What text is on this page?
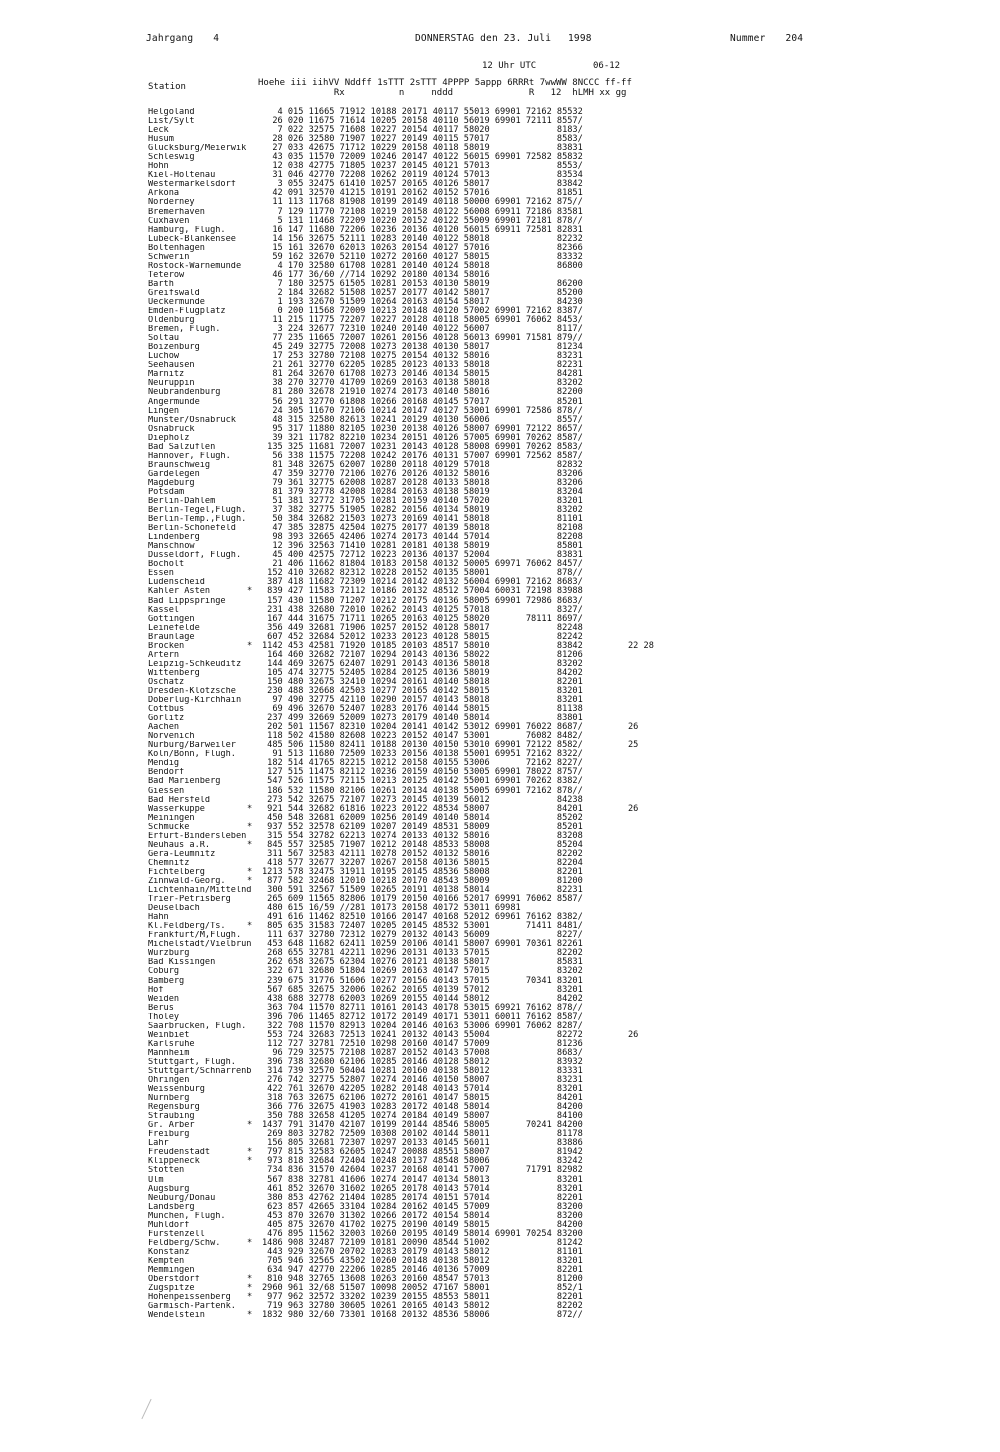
Jahrgang 4	DONNERSTAG den 23. Juli 1998	Nummer 204
12 Uhr UTC	06-12
Station	Hoehe iii iihVV Nddff 1sTTT 2sTTT 4PPPP 5appp 6RRRt 7wwWW 8NCCC ff-ff
Rx          n     nddd              R   12  hLMH xx gg
Helgoland	4 015 11665 71912 10188 20171 40117 55013 69901 72162 85532
List/Sylt	26 020 11675 71614 10205 20158 40110 56019 69901 72111 8557/
Leck	7 022 32575 71608 10227 20154 40117 58020             8183/
Husum	28 026 32580 71907 10227 20149 40115 57017             8583/
Glücksburg/Meierwik	27 033 42675 71712 10229 20158 40118 58019             83831
Schleswig	43 035 11570 72009 10246 20147 40122 56015 69901 72582 85832
Hohn	12 038 42775 71805 10237 20145 40121 57013             8553/
Kiel-Holtenau	31 046 42770 72208 10262 20119 40124 57013             83534
Westermarkelsdorf	3 055 32475 61410 10257 20165 40126 58017             83842
Arkona	42 091 32570 41215 10191 20162 40152 57016             81851
Norderney	11 113 11768 81908 10199 20149 40118 50000 69901 72162 875//
Bremerhaven	7 129 11770 72108 10219 20158 40122 56008 69911 72186 83581
Cuxhaven	5 131 11468 72209 10220 20152 40122 55009 69901 72181 878//
Hamburg, Flugh.	16 147 11680 72206 10236 20136 40120 56015 69911 72581 82831
Lübeck-Blankensee	14 156 32675 52111 10283 20140 40122 58018             82232
Boltenhagen	15 161 32670 62013 10263 20154 40127 57016             82366
Schwerin	59 162 32670 52110 10272 20160 40127 58015             83332
Rostock-Warnemünde	4 170 32580 61708 10281 20140 40124 58018             86800
Teterow	46 177 36/60 //714 10292 20180 40134 58016
Barth	7 180 32575 61505 10281 20153 40130 58019             86200
Greifswald	2 184 32682 51508 10257 20177 40142 58017             85200
Ueckermünde	1 193 32670 51509 10264 20163 40154 58017             84230
Emden-Flugplatz	0 200 11568 72009 10213 20148 40120 57002 69901 72162 8387/
Oldenburg	11 215 11775 72207 10227 20128 40118 58005 69901 76062 8453/
Bremen, Flugh.	3 224 32677 72310 10240 20140 40122 56007             8117/
Soltau	77 235 11665 72007 10261 20156 40128 56013 69901 71581 879//
Boizenburg	45 249 32775 72008 10273 20138 40130 58017             81234
Lüchow	17 253 32780 72108 10275 20154 40132 58016             83231
Seehausen	21 261 32770 62205 10285 20123 40133 58018             82231
Marnitz	81 264 32670 61708 10273 20146 40134 58015             84281
Neuruppin	38 270 32770 41709 10269 20163 40138 58018             83202
Neubrandenburg	81 280 32678 21910 10274 20173 40140 58016             82200
Angermünde	56 291 32770 61808 10266 20168 40145 57017             85201
Lingen	24 305 11670 72106 10214 20147 40127 53001 69901 72586 878//
Münster/Osnabrück	48 315 32580 82613 10241 20129 40130 56006             8557/
Osnabrück	95 317 11880 82105 10230 20138 40126 58007 69901 72122 8657/
Diepholz	39 321 11782 82210 10234 20151 40126 57005 69901 70262 8587/
Bad Salzuflen	135 325 11681 72007 10231 20143 40128 58008 69901 70262 8583/
Hannover, Flugh.	56 338 11575 72208 10242 20176 40131 57007 69901 72562 8587/
Braunschweig	81 348 32675 62007 10280 20118 40129 57018             82832
Gardelegen	47 359 32770 72106 10276 20126 40132 58016             83206
Magdeburg	79 361 32775 62008 10287 20128 40133 58018             83206
Potsdam	81 379 32778 42008 10284 20163 40138 58019             83204
Berlin-Dahlem	51 381 32772 31705 10281 20159 40140 57020             83201
Berlin-Tegel,Flugh.	37 382 32775 51905 10282 20156 40134 58019             83202
Berlin-Temp.,Flugh.	50 384 32682 21503 10273 20169 40141 58018             81101
Berlin-Schönefeld	47 385 32875 42504 10275 20177 40139 58018             82108
Lindenberg	98 393 32665 42406 10274 20173 40144 57014             82208
Manschnow	12 396 32563 71410 10281 20181 40138 58019             85801
Düsseldorf, Flugh.	45 400 42575 72712 10223 20136 40137 52004             83831
Bocholt	21 406 11662 81804 10183 20158 40132 50005 69971 76062 8457/
Essen	152 410 32682 82312 10228 20152 40135 58001             878//
Lüdenscheid	387 418 11682 72309 10214 20142 40132 56004 69901 72162 8683/
Kahler Asten	*	839 427 11583 72112 10186 20132 48512 57004 60031 72198 83988
Bad Lippspringe	157 430 11580 71207 10212 20175 40136 58005 69901 72986 8683/
Kassel	231 438 32680 72010 10262 20143 40125 57018             8327/
Göttingen	167 444 31675 71711 10265 20163 40125 58020       78111 8697/
Leinefelde	356 449 32681 71906 10257 20152 40128 58017             82248
Braunlage	607 452 32684 52012 10233 20123 40128 58015             82242
Brocken	*	1142 453 42581 71920 10185 20103 48517 58010             83842	22 28
Artern	164 460 32682 72107 10294 20143 40136 58022             81206
Leipzig-Schkeuditz	144 469 32675 62407 10291 20143 40136 58018             83202
Wittenberg	105 474 32775 52405 10284 20125 40136 58019             84202
Oschatz	150 480 32675 32410 10294 20161 40140 58018             82201
Dresden-Klotzsche	230 488 32668 42503 10277 20165 40142 58015             83201
Doberlug-Kirchhain	97 490 32775 42110 10290 20157 40143 58018             83201
Cottbus	69 496 32670 52407 10283 20176 40144 58015             81138
Görlitz	237 499 32669 52009 10273 20179 40140 58014             83801
Aachen	202 501 11567 82310 10204 20141 40142 53012 69901 76022 8687/	26
Nörvenich	118 502 41580 82608 10223 20152 40147 53001       76082 8482/
Nürburg/Barweiler	485 506 11580 82411 10188 20130 40150 53010 69901 72122 8582/	25
Köln/Bonn, Flugh.	91 513 11680 72509 10233 20156 40138 55001 69951 72162 8322/
Mendig	182 514 41765 82215 10212 20158 40155 53006       72162 8227/
Bendorf	127 515 11475 82112 10236 20159 40150 53005 69901 78022 8757/
Bad Marienberg	547 526 11575 72115 10213 20125 40142 55001 69901 70262 8382/
Giessen	186 532 11580 82106 10261 20134 40138 55005 69901 72162 878//
Bad Hersfeld	273 542 32675 72107 10273 20145 40139 56012             84238
Wasserkuppe	*	921 544 32682 61816 10223 20122 48534 58007             84201	26
Meiningen	450 548 32681 62009 10256 20149 40140 58014             85202
Schmücke	*	937 552 32578 62109 10207 20149 48531 58009             85201
Erfurt-Bindersleben	315 554 32782 62213 10274 20133 40132 58016             83208
Neuhaus a.R.	*	845 557 32585 71907 10212 20148 48533 58008             85204
Gera-Leumnitz	311 567 32583 42111 10278 20152 40132 58016             82202
Chemnitz	418 577 32677 32207 10267 20158 40136 58015             82204
Fichtelberg	*	1213 578 32475 31911 10195 20145 48536 58008             82201
Zinnwald-Georg.	*	877 582 32468 12010 10218 20170 48543 58009             81200
Lichtenhain/Mittelnd	300 591 32567 51509 10265 20191 40138 58014             82231
Trier-Petrisberg	265 609 11565 82806 10179 20150 40166 52017 69991 76062 8587/
Deuselbach	480 615 16/59 //281 10173 20158 40172 53011 69981
Hahn	491 616 11462 82510 10166 20147 40168 52012 69961 76162 8382/
Kl.Feldberg/Ts.	*	805 635 31583 72407 10205 20145 48532 53001       71411 8481/
Frankfurt/M,Flugh.	111 637 32780 72312 10279 20132 40143 56009             8227/
Michelstadt/Vielbrun	453 648 11682 62411 10259 20106 40141 58007 69901 70361 82261
Würzburg	268 655 32781 42211 10296 20131 40133 57015             82202
Bad Kissingen	262 658 32675 62304 10276 20121 40138 58017             85831
Coburg	322 671 32680 51804 10269 20163 40147 57015             83202
Bamberg	239 675 31776 51606 10277 20156 40143 57015       70341 83201
Hof	567 685 32675 32006 10262 20165 40139 57012             83201
Weiden	438 688 32778 62003 10269 20155 40144 58012             84202
Berus	363 704 11570 82711 10161 20143 40178 53015 69921 76162 878//
Tholey	396 706 11465 82712 10172 20149 40171 53011 60011 76162 8587/
Saarbrücken, Flugh.	322 708 11570 82913 10204 20146 40163 53006 69901 76062 8287/
Weinbiet	553 724 32683 72513 10241 20132 40143 55004             82272	26
Karlsruhe	112 727 32781 72510 10298 20160 40147 57009             81236
Mannheim	96 729 32575 72108 10287 20152 40143 57008             8683/
Stuttgart, Flugh.	396 738 32680 62106 10285 20146 40128 58012             83932
Stuttgart/Schnarrenb	314 739 32570 50404 10281 20160 40138 58012             83331
Öhringen	276 742 32775 52807 10274 20146 40150 58007             83231
Weissenburg	422 761 32670 42205 10282 20148 40143 57014             83201
Nürnberg	318 763 32675 62106 10272 20161 40147 58015             84201
Regensburg	366 776 32675 41903 10283 20172 40148 58014             84200
Straubing	350 788 32658 41205 10274 20184 40149 58007             84100
Gr. Arber	*	1437 791 31470 42107 10199 20144 48546 58005       70241 84200
Freiburg	269 803 32782 72509 10308 20102 40144 58011             81178
Lahr	156 805 32681 72307 10297 20133 40145 56011             83886
Freudenstadt	*	797 815 32583 62605 10247 20088 48551 58007             81942
Klippeneck	*	973 818 32684 72404 10248 20137 48548 58006             83242
Stötten	734 836 31570 42604 10237 20168 40141 57007       71791 82982
Ulm	567 838 32781 41606 10274 20147 40134 58013             83201
Augsburg	461 852 32670 31602 10265 20178 40143 57014             83201
Neuburg/Donau	380 853 42762 21404 10285 20174 40151 57014             82201
Landsberg	623 857 42665 33104 10284 20162 40145 57009             83200
München, Flugh.	453 870 32670 31302 10266 20172 40154 58014             83200
Mühldorf	405 875 32670 41702 10275 20190 40149 58015             84200
Fürstenzell	476 895 11562 32003 10260 20195 40149 58014 69901 70254 83200
Feldberg/Schw.	*	1486 908 32487 72109 10181 20090 48544 51002             81242
Konstanz	443 929 32670 20702 10283 20179 40143 58012             81101
Kempten	705 946 32565 43502 10260 20148 40138 58012             83201
Memmingen	634 947 42770 22206 10285 20146 40136 57009             82201
Oberstdorf	*	810 948 32765 13608 10263 20160 48547 57013             81200
Zugspitze	*	2960 961 32/68 51507 10098 20052 47167 58001             852/1
Hohenpeissenberg	*	977 962 32572 33202 10239 20155 48553 58011             82201
Garmisch-Partenk.	719 963 32780 30605 10261 20165 40143 58012             82202
Wendelstein	*	1832 980 32/60 73301 10168 20132 48536 58006             872//
